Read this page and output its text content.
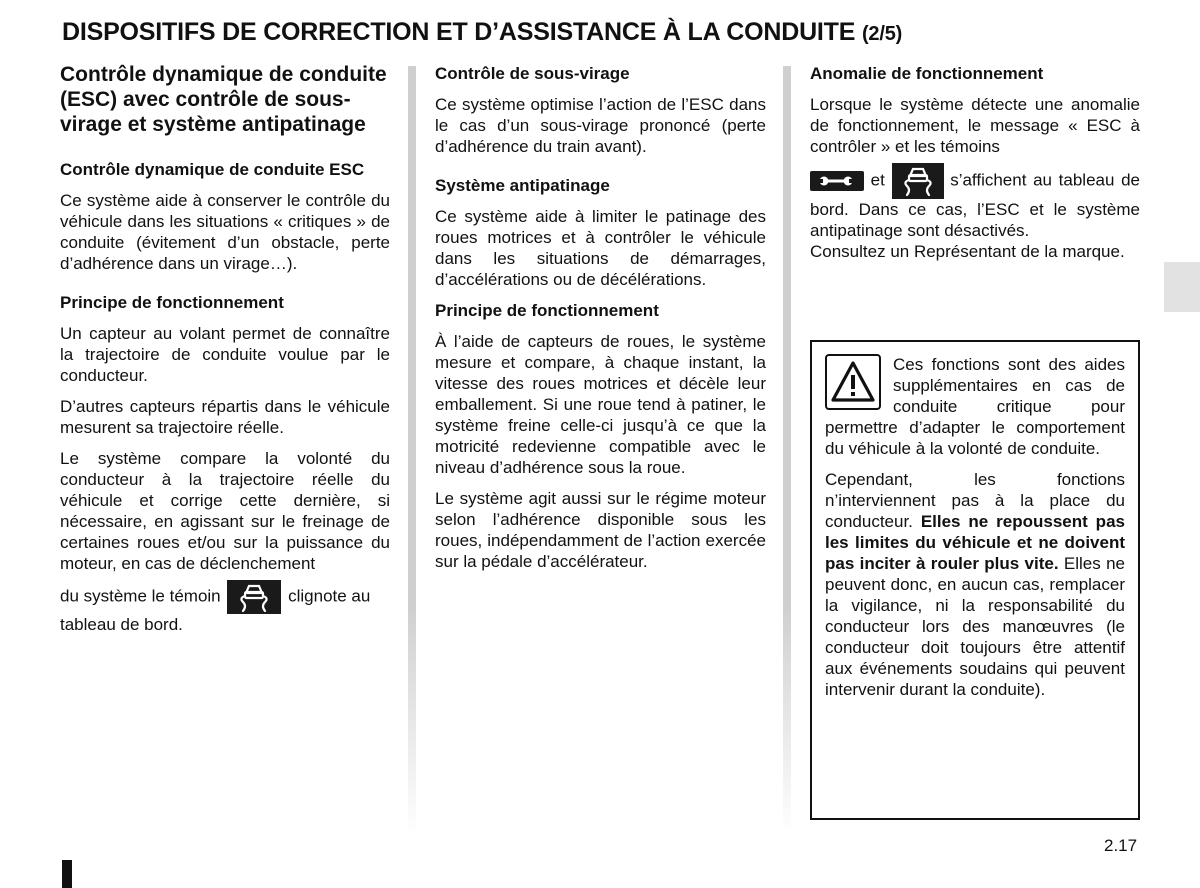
DISPOSITIFS DE CORRECTION ET D’ASSISTANCE À LA CONDUITE (2/5)
Contrôle dynamique de conduite (ESC) avec contrôle de sous-virage et système antipatinage

Contrôle dynamique de conduite ESC

Ce système aide à conserver le contrôle du véhicule dans les situations « critiques » de conduite (évitement d’un obstacle, perte d’adhérence dans un virage…).

Principe de fonctionnement

Un capteur au volant permet de connaître la trajectoire de conduite voulue par le conducteur.

D’autres capteurs répartis dans le véhicule mesurent sa trajectoire réelle.

Le système compare la volonté du conducteur à la trajectoire réelle du véhicule et corrige cette dernière, si nécessaire, en agissant sur le freinage de certaines roues et/ou sur la puissance du moteur, en cas de déclenchement

du système le témoin	clignote au tableau de bord.

Contrôle de sous-virage

Ce système optimise l’action de l’ESC dans le cas d’un sous-virage prononcé (perte d’adhérence du train avant).

Système antipatinage

Ce système aide à limiter le patinage des roues motrices et à contrôler le véhicule dans les situations de démarrages, d’accélérations ou de décélérations.

Principe de fonctionnement

À l’aide de capteurs de roues, le système mesure et compare, à chaque instant, la vitesse des roues motrices et décèle leur emballement. Si une roue tend à patiner, le système freine celle-ci jusqu’à ce que la motricité redevienne compatible avec le niveau d’adhérence sous la roue.

Le système agit aussi sur le régime moteur selon l’adhérence disponible sous les roues, indépendamment de l’action exercée sur la pédale d’accélérateur.

Anomalie de fonctionnement

Lorsque le système détecte une anomalie de fonctionnement, le message « ESC à contrôler » et les témoins

et	s’affichent au tableau de bord. Dans ce cas, l’ESC et le système antipatinage sont désactivés.

Consultez un Représentant de la marque.

Ces fonctions sont des aides supplémentaires en cas de conduite critique pour permettre d’adapter le comportement du véhicule à la volonté de conduite.

Cependant, les fonctions n’interviennent pas à la place du conducteur. Elles ne repoussent pas les limites du véhicule et ne doivent pas inciter à rouler plus vite. Elles ne peuvent donc, en aucun cas, remplacer la vigilance, ni la responsabilité du conducteur lors des manœuvres (le conducteur doit toujours être attentif aux événements soudains qui peuvent intervenir durant la conduite).

2.17
